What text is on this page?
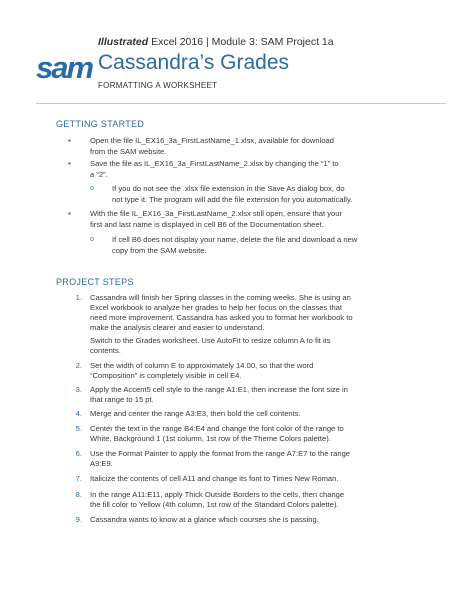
sam
Illustrated Excel 2016 | Module 3: SAM Project 1a
Cassandra’s Grades
FORMATTING A WORKSHEET
GETTING STARTED
▪	Open the file IL_EX16_3a_FirstLastName_1.xlsx, available for download
from the SAM website.
▪	Save the file as IL_EX16_3a_FirstLastName_2.xlsx by changing the “1” to
a “2”.
o If you do not see the .xlsx file extension in the Save As dialog box, do
not type it. The program will add the file extension for you automatically.
▪	With the file IL_EX16_3a_FirstLastName_2.xlsx still open, ensure that your
first and last name is displayed in cell B6 of the Documentation sheet.
o If cell B6 does not display your name, delete the file and download a new
copy from the SAM website.
PROJECT STEPS
1. Cassandra will finish her Spring classes in the coming weeks. She is using an
Excel workbook to analyze her grades to help her focus on the classes that
need more improvement. Cassandra has asked you to format her workbook to
make the analysis clearer and easier to understand.
Switch to the Grades worksheet. Use AutoFit to resize column A to fit its
contents.
2. Set the width of column E to approximately 14.00, so that the word
“Composition” is completely visible in cell E4.
3. Apply the Accent5 cell style to the range A1:E1, then increase the font size in
that range to 15 pt.
4. Merge and center the range A3:E3, then bold the cell contents.
5. Center the text in the range B4:E4 and change the font color of the range to
White, Background 1 (1st column, 1st row of the Theme Colors palette).
6. Use the Format Painter to apply the format from the range A7:E7 to the range
A9:E9.
7. Italicize the contents of cell A11 and change its font to Times New Roman.
8. In the range A11:E11, apply Thick Outside Borders to the cells, then change
the fill color to Yellow (4th column, 1st row of the Standard Colors palette).
9. Cassandra wants to know at a glance which courses she is passing.
